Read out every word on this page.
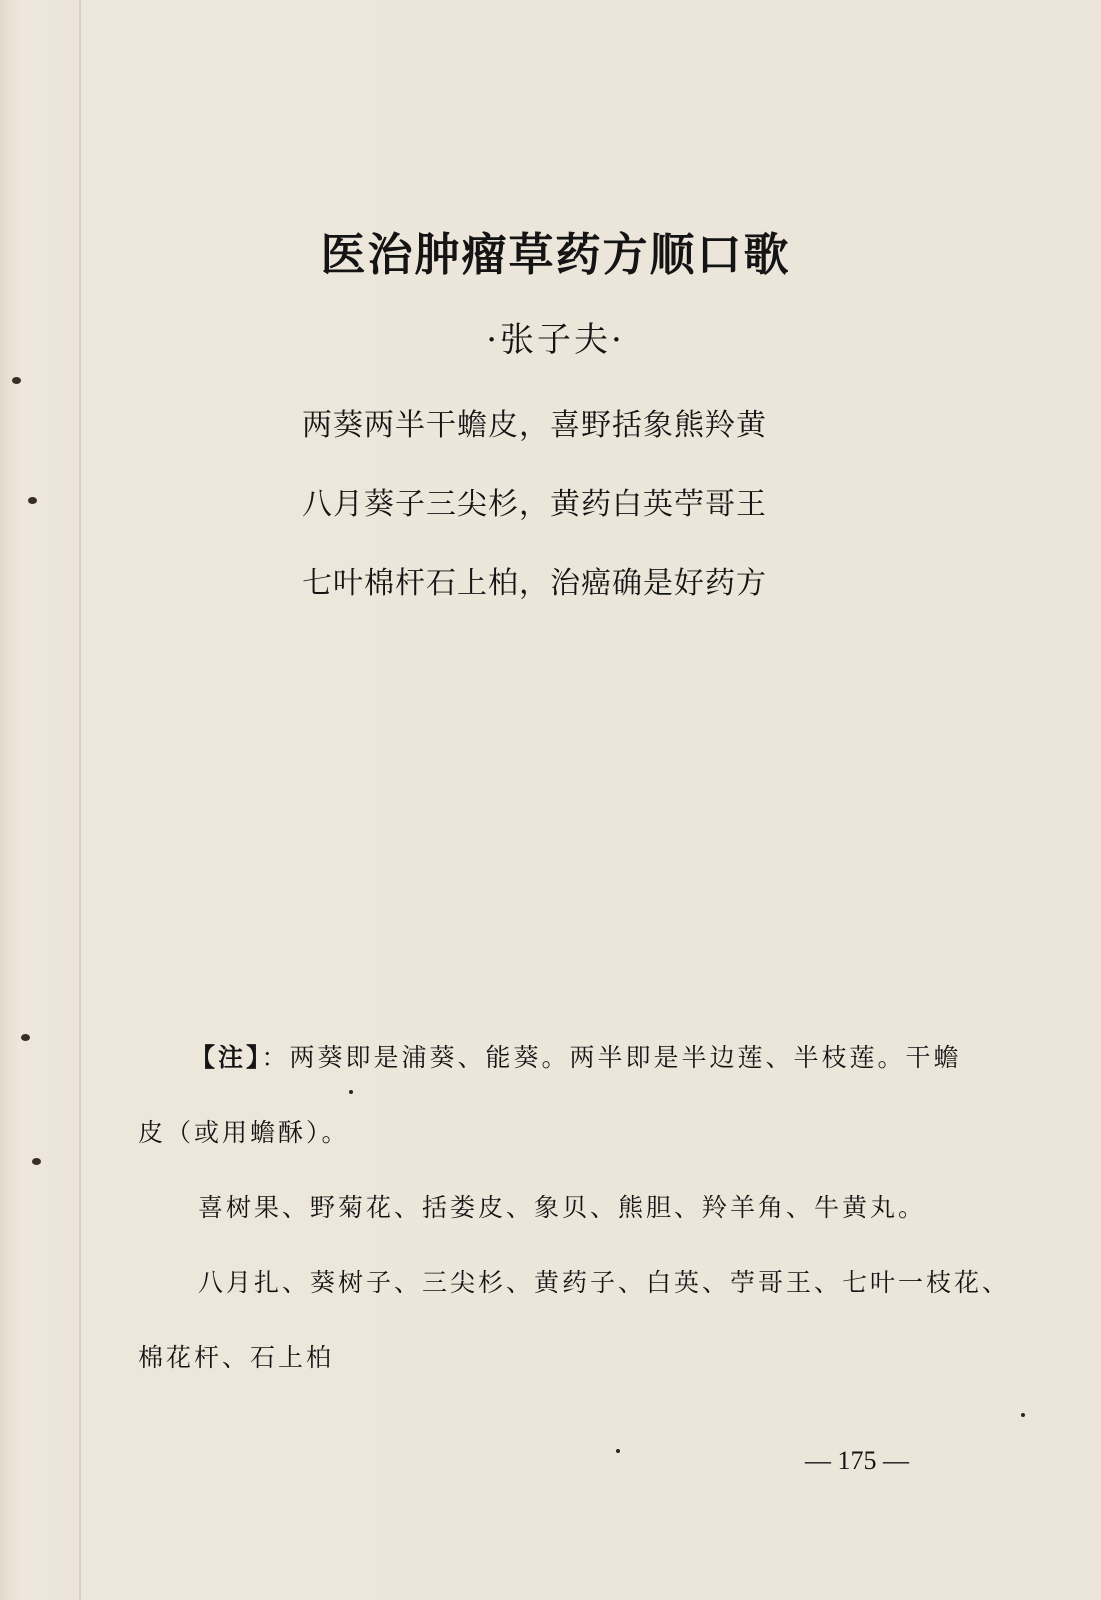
医治肿瘤草药方顺口歌
·张子夫·
两葵两半干蟾皮，喜野括象熊羚黄
八月葵子三尖杉，黄药白英苧哥王
七叶棉杆石上柏，治癌确是好药方
【注】：两葵即是浦葵、能葵。两半即是半边莲、半枝莲。干蟾
皮（或用蟾酥）。
喜树果、野菊花、括娄皮、象贝、熊胆、羚羊角、牛黄丸。
八月扎、葵树子、三尖杉、黄药子、白英、苧哥王、七叶一枝花、
棉花杆、石上柏
— 175 —
